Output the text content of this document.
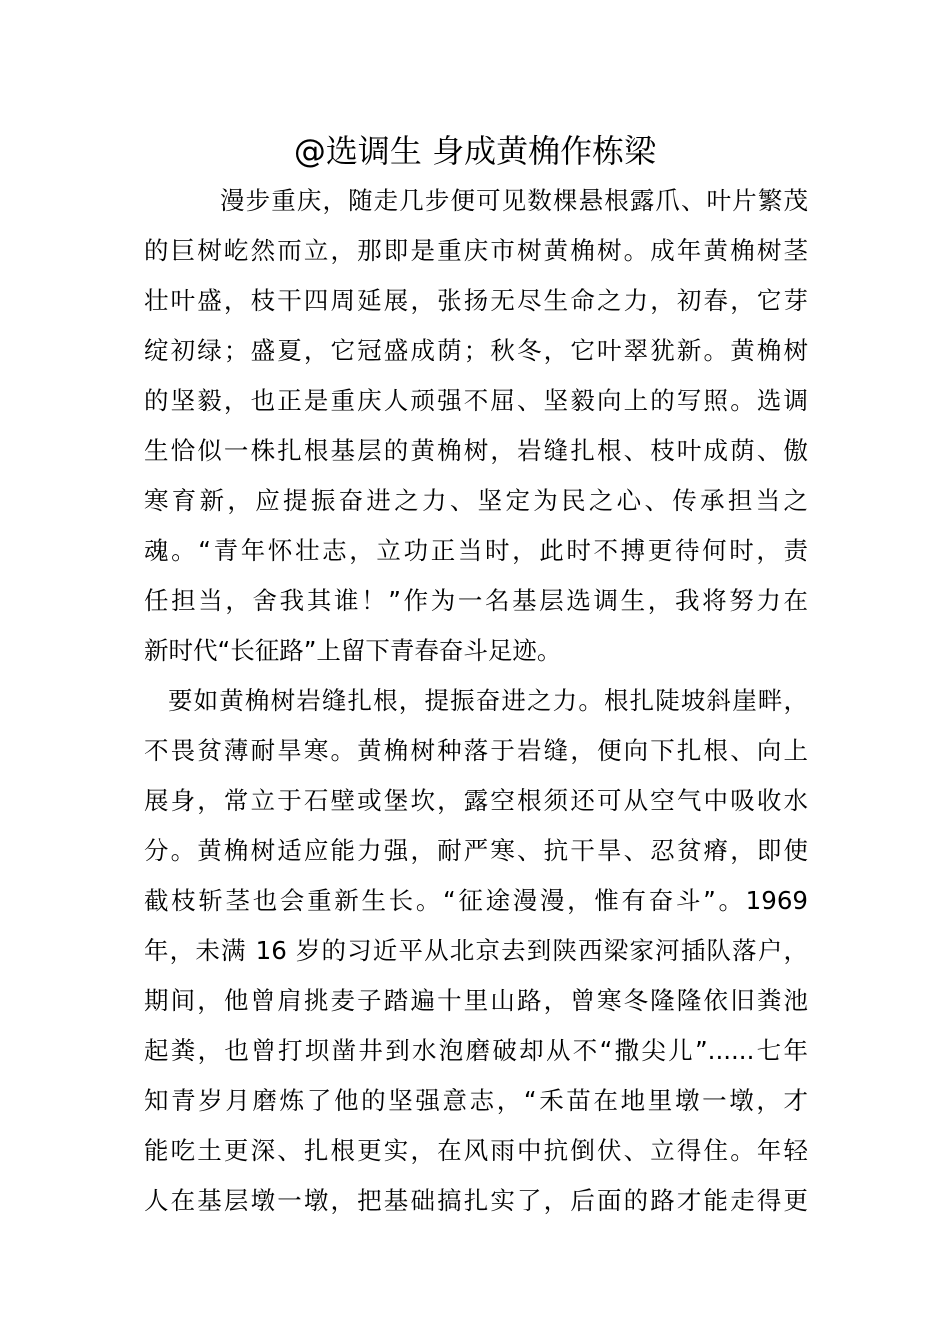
@选调生 身成黄桷作栋梁
漫步重庆，随走几步便可见数棵悬根露爪、叶片繁茂
的巨树屹然而立，那即是重庆市树黄桷树。成年黄桷树茎
壮叶盛，枝干四周延展，张扬无尽生命之力，初春，它芽
绽初绿；盛夏，它冠盛成荫；秋冬，它叶翠犹新。黄桷树
的坚毅，也正是重庆人顽强不屈、坚毅向上的写照。选调
生恰似一株扎根基层的黄桷树，岩缝扎根、枝叶成荫、傲
寒育新，应提振奋进之力、坚定为民之心、传承担当之
魂。“青年怀壮志，立功正当时，此时不搏更待何时，责
任担当，舍我其谁！”作为一名基层选调生，我将努力在
新时代“长征路”上留下青春奋斗足迹。
要如黄桷树岩缝扎根，提振奋进之力。根扎陡坡斜崖畔，
不畏贫薄耐旱寒。黄桷树种落于岩缝，便向下扎根、向上
展身，常立于石壁或堡坎，露空根须还可从空气中吸收水
分。黄桷树适应能力强，耐严寒、抗干旱、忍贫瘠，即使
截枝斩茎也会重新生长。“征途漫漫，惟有奋斗”。1969
年，未满 16 岁的习近平从北京去到陕西梁家河插队落户，
期间，他曾肩挑麦子踏遍十里山路，曾寒冬隆隆依旧粪池
起粪，也曾打坝凿井到水泡磨破却从不“撒尖儿”......七年
知青岁月磨炼了他的坚强意志，“禾苗在地里墩一墩，才
能吃土更深、扎根更实，在风雨中抗倒伏、立得住。年轻
人在基层墩一墩，把基础搞扎实了，后面的路才能走得更
